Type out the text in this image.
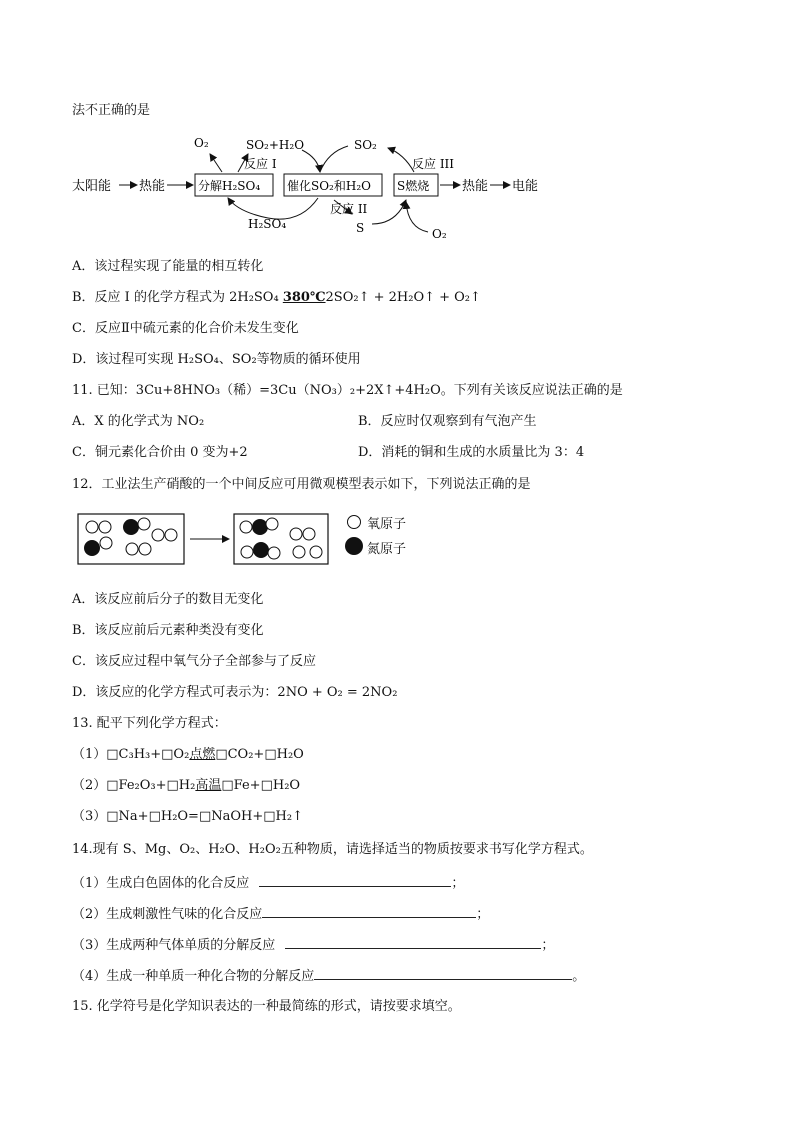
法不正确的是
太阳能 热能	分解H₂SO₄ 催化SO₂和H₂O S燃烧	热能 电能
O₂	SO₂+H₂O
反应 I
SO₂
反应 III
H₂SO₄
反应 II
S	O₂
A．该过程实现了能量的相互转化
B．反应 I 的化学方程式为 2H₂SO₄ 380℃2SO₂↑ + 2H₂O↑ + O₂↑
C．反应Ⅱ中硫元素的化合价未发生变化
D．该过程可实现 H₂SO₄、SO₂等物质的循环使用
11. 已知：3Cu+8HNO₃（稀）=3Cu（NO₃）₂+2X↑+4H₂O。下列有关该反应说法正确的是
A．X 的化学式为 NO₂	B．反应时仅观察到有气泡产生
C．铜元素化合价由 0 变为+2	D．消耗的铜和生成的水质量比为 3：4
12．工业法生产硝酸的一个中间反应可用微观模型表示如下，下列说法正确的是
氧原子
氮原子
A．该反应前后分子的数目无变化
B．该反应前后元素种类没有变化
C．该反应过程中氧气分子全部参与了反应
D．该反应的化学方程式可表示为：2NO + O₂ = 2NO₂
13. 配平下列化学方程式：
（1）□C₃H₃+□O₂点燃□CO₂+□H₂O
（2）□Fe₂O₃+□H₂高温□Fe+□H₂O
（3）□Na+□H₂O=□NaOH+□H₂↑
14.现有 S、Mg、O₂、H₂O、H₂O₂五种物质，请选择适当的物质按要求书写化学方程式。
（1）生成白色固体的化合反应	；
（2）生成刺激性气味的化合反应	；
（3）生成两种气体单质的分解反应	；
（4）生成一种单质一种化合物的分解反应	。
15. 化学符号是化学知识表达的一种最简练的形式，请按要求填空。
